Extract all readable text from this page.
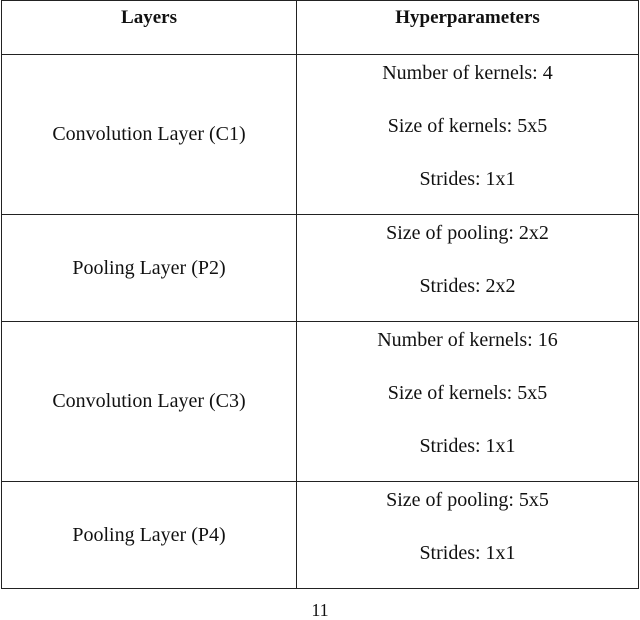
Layers	Hyperparameters
Convolution Layer (C1)	Number of kernels: 4
Size of kernels: 5x5
Strides: 1x1

Pooling Layer (P2)	Size of pooling: 2x2
Strides: 2x2

Convolution Layer (C3)	Number of kernels: 16
Size of kernels: 5x5
Strides: 1x1

Pooling Layer (P4)	Size of pooling: 5x5
Strides: 1x1
11
